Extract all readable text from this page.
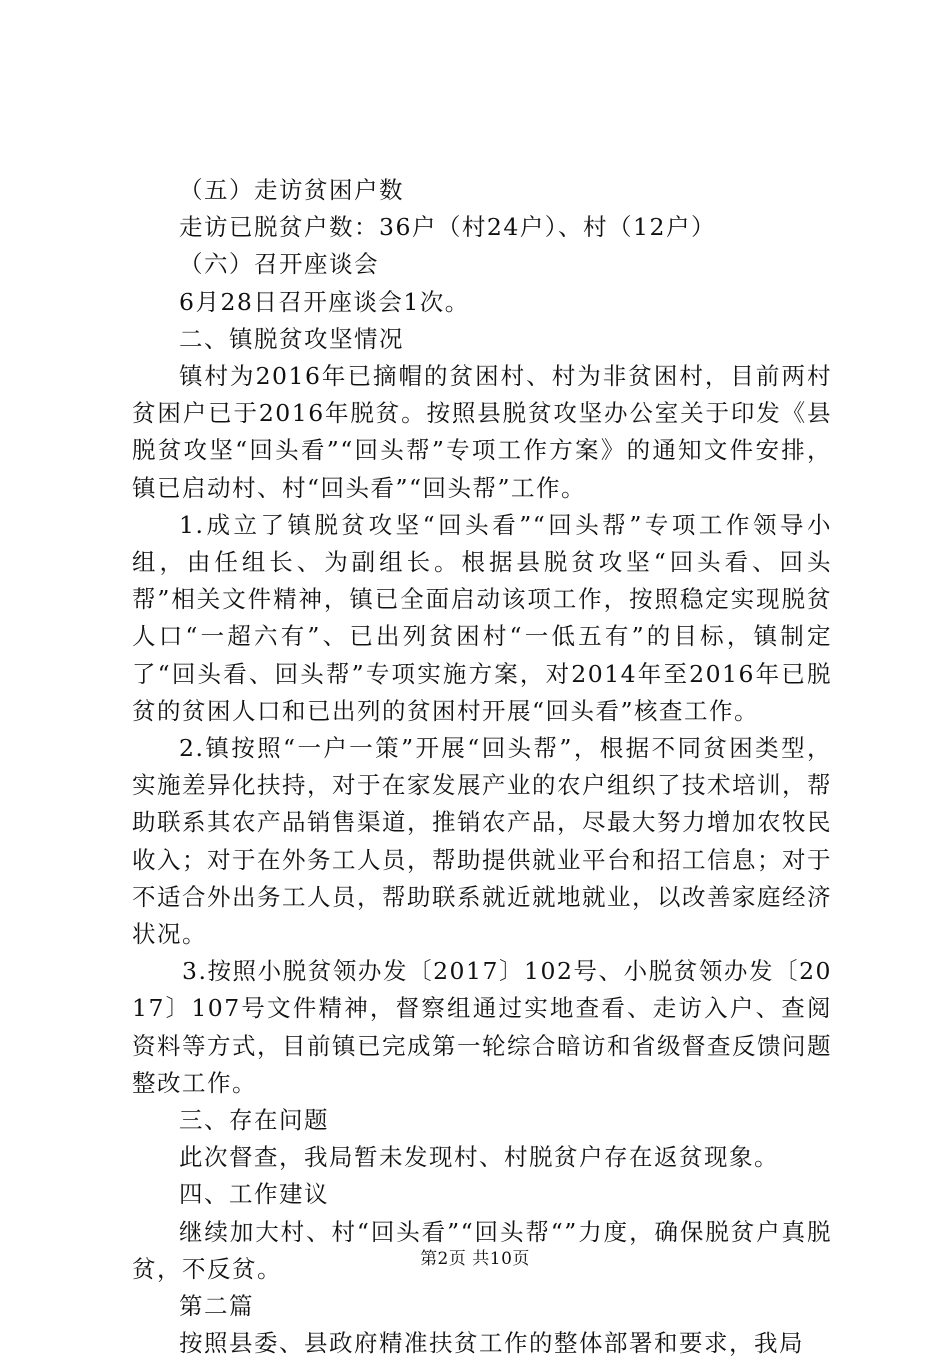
（五）走访贫困户数

走访已脱贫户数：36户（村24户）、村（12户）

（六）召开座谈会

6月28日召开座谈会1次。

二、镇脱贫攻坚情况

镇村为2016年已摘帽的贫困村、村为非贫困村，目前两村贫困户已于2016年脱贫。按照县脱贫攻坚办公室关于印发《县脱贫攻坚“回头看”“回头帮”专项工作方案》的通知文件安排，镇已启动村、村“回头看”“回头帮”工作。

1.成立了镇脱贫攻坚“回头看”“回头帮”专项工作领导小组，由任组长、为副组长。根据县脱贫攻坚“回头看、回头帮”相关文件精神，镇已全面启动该项工作，按照稳定实现脱贫人口“一超六有”、已出列贫困村“一低五有”的目标，镇制定了“回头看、回头帮”专项实施方案，对2014年至2016年已脱贫的贫困人口和已出列的贫困村开展“回头看”核查工作。

2.镇按照“一户一策”开展“回头帮”，根据不同贫困类型，实施差异化扶持，对于在家发展产业的农户组织了技术培训，帮助联系其农产品销售渠道，推销农产品，尽最大努力增加农牧民收入；对于在外务工人员，帮助提供就业平台和招工信息；对于不适合外出务工人员，帮助联系就近就地就业，以改善家庭经济状况。

3.按照小脱贫领办发〔2017〕102号、小脱贫领办发〔2017〕107号文件精神，督察组通过实地查看、走访入户、查阅资料等方式，目前镇已完成第一轮综合暗访和省级督查反馈问题整改工作。

三、存在问题

此次督查，我局暂未发现村、村脱贫户存在返贫现象。

四、工作建议

继续加大村、村“回头看”“回头帮“”力度，确保脱贫户真脱贫，不反贫。

第二篇

按照县委、县政府精准扶贫工作的整体部署和要求，我局

第2页 共10页
